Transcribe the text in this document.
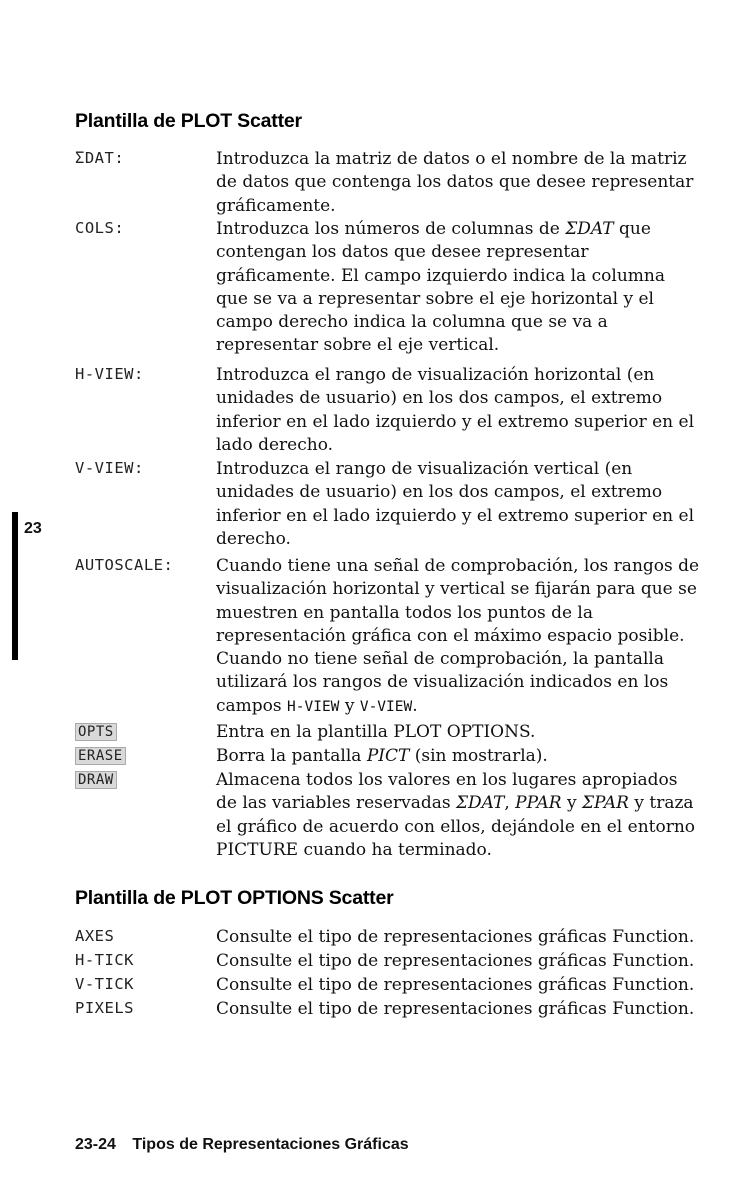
23
Plantilla de PLOT Scatter
ΣDAT:	Introduzca la matriz de datos o el nombre de la matriz de datos que contenga los datos que desee representar gráficamente.

COLS:	Introduzca los números de columnas de ΣDAT que contengan los datos que desee representar gráficamente. El campo izquierdo indica la columna que se va a representar sobre el eje horizontal y el campo derecho indica la columna que se va a representar sobre el eje vertical.

H-VIEW:	Introduzca el rango de visualización horizontal (en unidades de usuario) en los dos campos, el extremo inferior en el lado izquierdo y el extremo superior en el lado derecho.

V-VIEW:	Introduzca el rango de visualización vertical (en unidades de usuario) en los dos campos, el extremo inferior en el lado izquierdo y el extremo superior en el derecho.

AUTOSCALE:	Cuando tiene una señal de comprobación, los rangos de visualización horizontal y vertical se fijarán para que se muestren en pantalla todos los puntos de la representación gráfica con el máximo espacio posible. Cuando no tiene señal de comprobación, la pantalla utilizará los rangos de visualización indicados en los campos H-VIEW y V-VIEW.

OPTS	Entra en la plantilla PLOT OPTIONS.

ERASE	Borra la pantalla PICT (sin mostrarla).

DRAW	Almacena todos los valores en los lugares apropiados de las variables reservadas ΣDAT, PPAR y ΣPAR y traza el gráfico de acuerdo con ellos, dejándole en el entorno PICTURE cuando ha terminado.

Plantilla de PLOT OPTIONS Scatter
AXES	Consulte el tipo de representaciones gráficas Function.

H-TICK	Consulte el tipo de representaciones gráficas Function.

V-TICK	Consulte el tipo de representaciones gráficas Function.

PIXELS	Consulte el tipo de representaciones gráficas Function.

23-24 Tipos de Representaciones Gráficas
